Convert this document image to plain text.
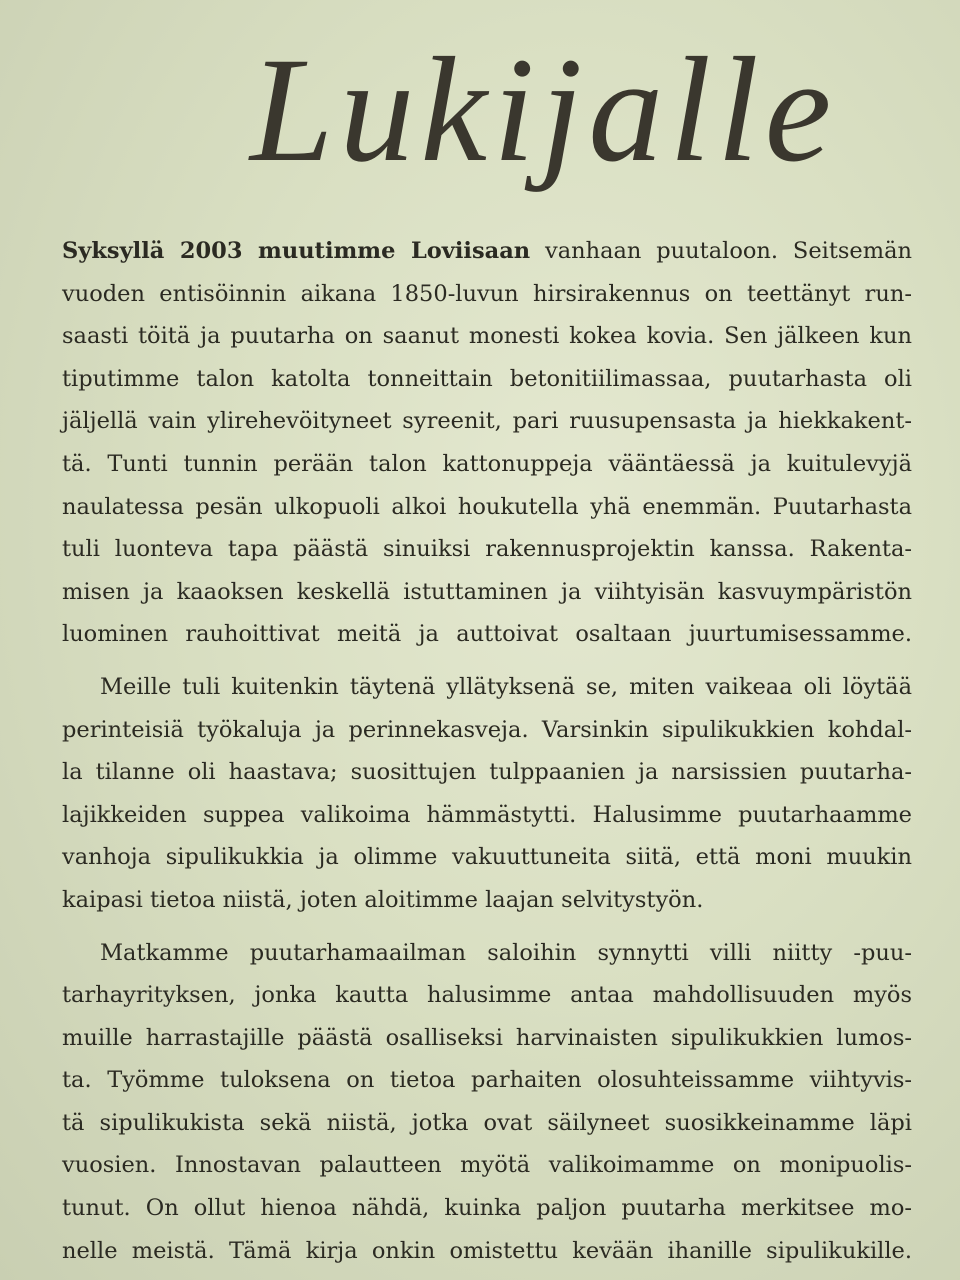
Lukijalle
Syksyllä 2003 muutimme Loviisaan vanhaan puutaloon. Seitsemän
vuoden entisöinnin aikana 1850-luvun hirsirakennus on teettänyt run-
saasti töitä ja puutarha on saanut monesti kokea kovia. Sen jälkeen kun
tiputimme talon katolta tonneittain betonitiilimassaa, puutarhasta oli
jäljellä vain ylirehevöityneet syreenit, pari ruusupensasta ja hiekkakent-
tä. Tunti tunnin perään talon kattonuppeja vääntäessä ja kuitulevyjä
naulatessa pesän ulkopuoli alkoi houkutella yhä enemmän. Puutarhasta
tuli luonteva tapa päästä sinuiksi rakennusprojektin kanssa. Rakenta-
misen ja kaaoksen keskellä istuttaminen ja viihtyisän kasvuympäristön
luominen rauhoittivat meitä ja auttoivat osaltaan juurtumisessamme.
Meille tuli kuitenkin täytenä yllätyksenä se, miten vaikeaa oli löytää
perinteisiä työkaluja ja perinnekasveja. Varsinkin sipulikukkien kohdal-
la tilanne oli haastava; suosittujen tulppaanien ja narsissien puutarha-
lajikkeiden suppea valikoima hämmästytti. Halusimme puutarhaamme
vanhoja sipulikukkia ja olimme vakuuttuneita siitä, että moni muukin
kaipasi tietoa niistä, joten aloitimme laajan selvitystyön.
Matkamme puutarhamaailman saloihin synnytti villi niitty -puu-
tarhayrityksen, jonka kautta halusimme antaa mahdollisuuden myös
muille harrastajille päästä osalliseksi harvinaisten sipulikukkien lumos-
ta. Työmme tuloksena on tietoa parhaiten olosuhteissamme viihtyvis-
tä sipulikukista sekä niistä, jotka ovat säilyneet suosikkeinamme läpi
vuosien. Innostavan palautteen myötä valikoimamme on monipuolis-
tunut. On ollut hienoa nähdä, kuinka paljon puutarha merkitsee mo-
nelle meistä. Tämä kirja onkin omistettu kevään ihanille sipulikukille.
